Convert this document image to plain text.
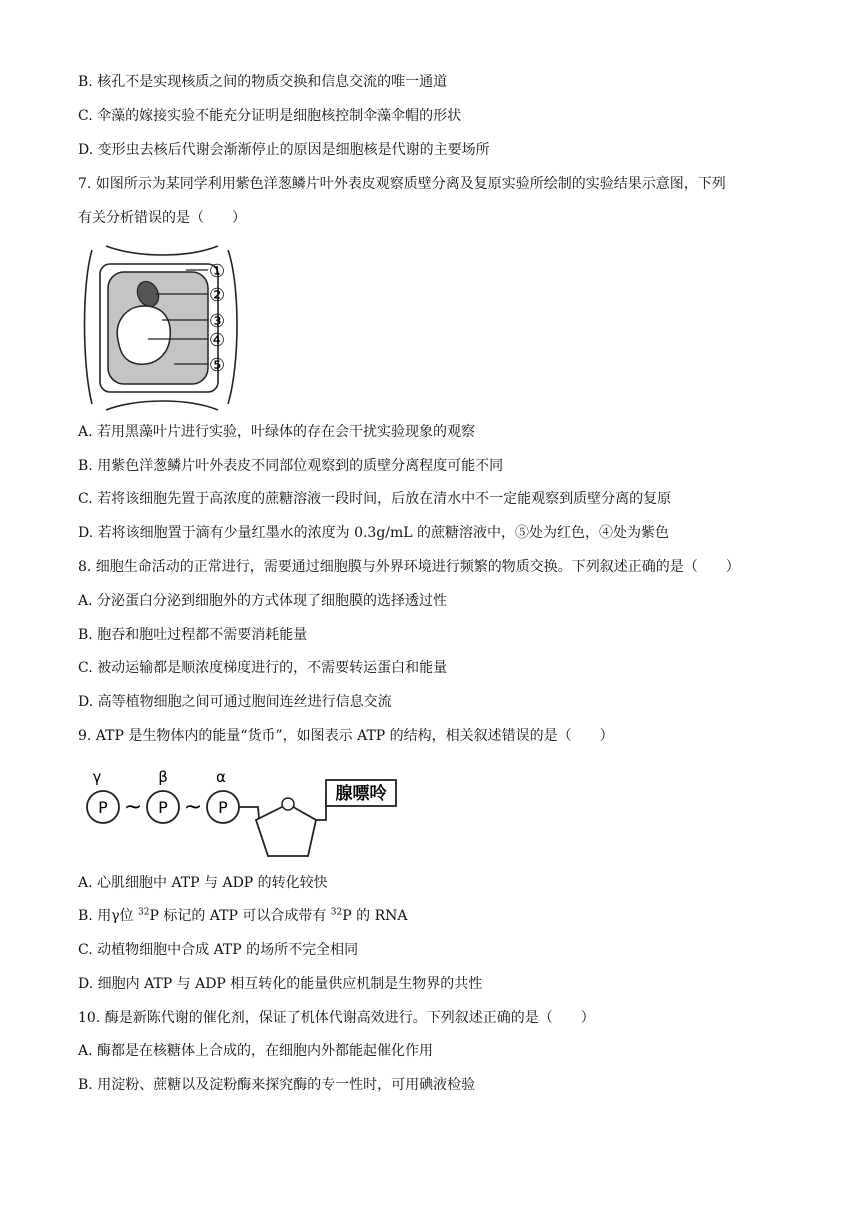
B. 核孔不是实现核质之间的物质交换和信息交流的唯一通道
C. 伞藻的嫁接实验不能充分证明是细胞核控制伞藻伞帽的形状
D. 变形虫去核后代谢会渐渐停止的原因是细胞核是代谢的主要场所
7. 如图所示为某同学利用紫色洋葱鳞片叶外表皮观察质壁分离及复原实验所绘制的实验结果示意图，下列
有关分析错误的是（　　）
①
②
③
④
⑤
A. 若用黑藻叶片进行实验，叶绿体的存在会干扰实验现象的观察
B. 用紫色洋葱鳞片叶外表皮不同部位观察到的质壁分离程度可能不同
C. 若将该细胞先置于高浓度的蔗糖溶液一段时间，后放在清水中不一定能观察到质壁分离的复原
D. 若将该细胞置于滴有少量红墨水的浓度为 0.3g/mL 的蔗糖溶液中，⑤处为红色，④处为紫色
8. 细胞生命活动的正常进行，需要通过细胞膜与外界环境进行频繁的物质交换。下列叙述正确的是（　　）
A. 分泌蛋白分泌到细胞外的方式体现了细胞膜的选择透过性
B. 胞吞和胞吐过程都不需要消耗能量
C. 被动运输都是顺浓度梯度进行的，不需要转运蛋白和能量
D. 高等植物细胞之间可通过胞间连丝进行信息交流
9. ATP 是生物体内的能量“货币”，如图表示 ATP 的结构，相关叙述错误的是（　　）
γ	β	α
P	P	P
~ ~
腺嘌呤
A. 心肌细胞中 ATP 与 ADP 的转化较快
B. 用γ位 $^{32}$P 标记的 ATP 可以合成带有 $^{32}$P 的 RNA
C. 动植物细胞中合成 ATP 的场所不完全相同
D. 细胞内 ATP 与 ADP 相互转化的能量供应机制是生物界的共性
10. 酶是新陈代谢的催化剂，保证了机体代谢高效进行。下列叙述正确的是（　　）
A. 酶都是在核糖体上合成的，在细胞内外都能起催化作用
B. 用淀粉、蔗糖以及淀粉酶来探究酶的专一性时，可用碘液检验
